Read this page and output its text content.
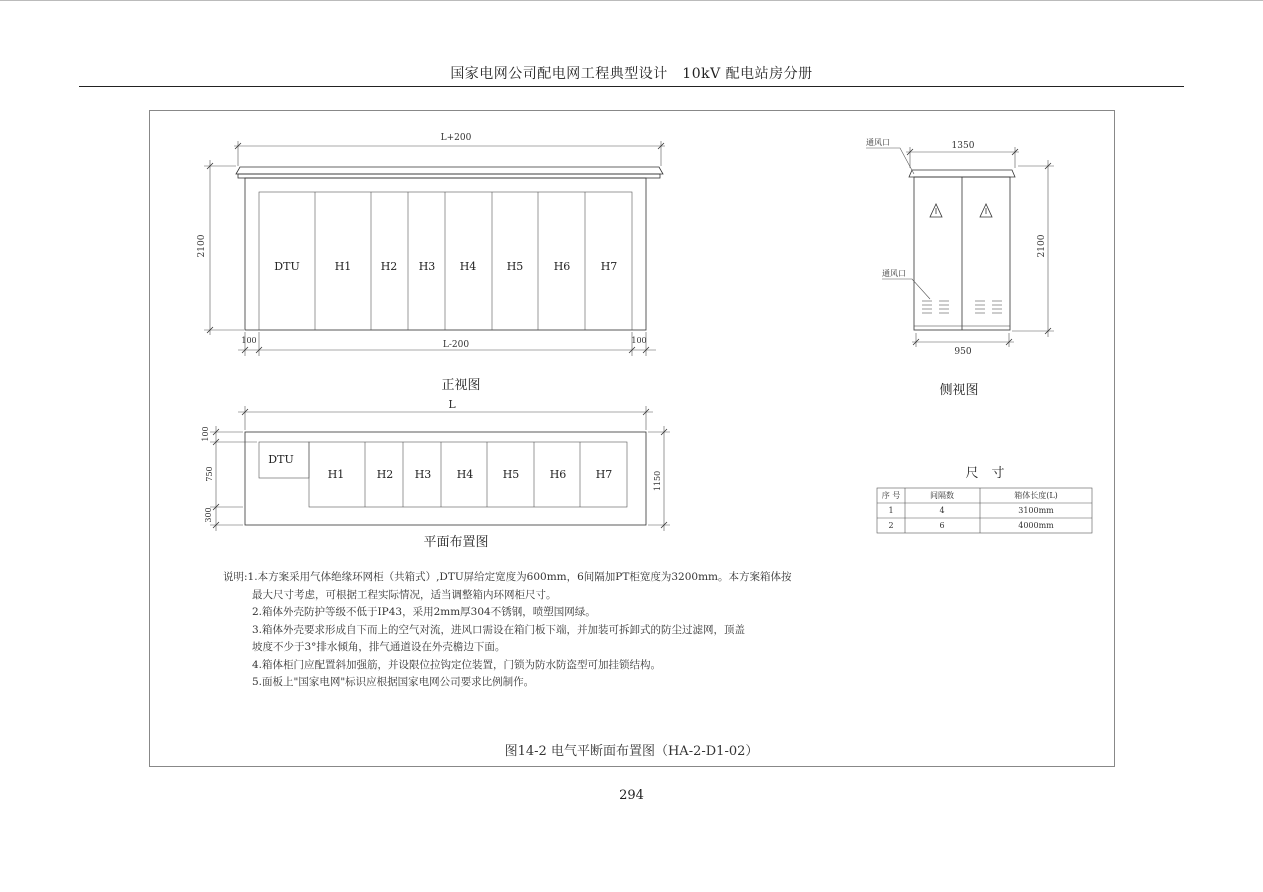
国家电网公司配电网工程典型设计　10kV 配电站房分册
DTU	H1	H2 H3 H4	H5	H6	H7
L+200
L-200
100	100
2100
正视图
通风口
通风口
1350
950
2100
侧视图
DTU
H1	H2 H3 H4	H5	H6	H7
L
100
750
300
1150
平面布置图
尺　寸
序 号	间隔数	箱体长度(L)
1	4	3100mm
2	6	4000mm
说明:1.本方案采用气体绝缘环网柜（共箱式）,DTU屏给定宽度为600mm，6间隔加PT柜宽度为3200mm。本方案箱体按
最大尺寸考虑，可根据工程实际情况，适当调整箱内环网柜尺寸。
2.箱体外壳防护等级不低于IP43，采用2mm厚304不锈钢，喷塑国网绿。
3.箱体外壳要求形成自下而上的空气对流，进风口需设在箱门板下端，并加装可拆卸式的防尘过滤网，顶盖
坡度不少于3°排水倾角，排气通道设在外壳檐边下面。
4.箱体柜门应配置斜加强筋，并设限位拉钩定位装置，门锁为防水防盗型可加挂锁结构。
5.面板上"国家电网"标识应根据国家电网公司要求比例制作。
图14-2 电气平断面布置图（HA-2-D1-02）
294
